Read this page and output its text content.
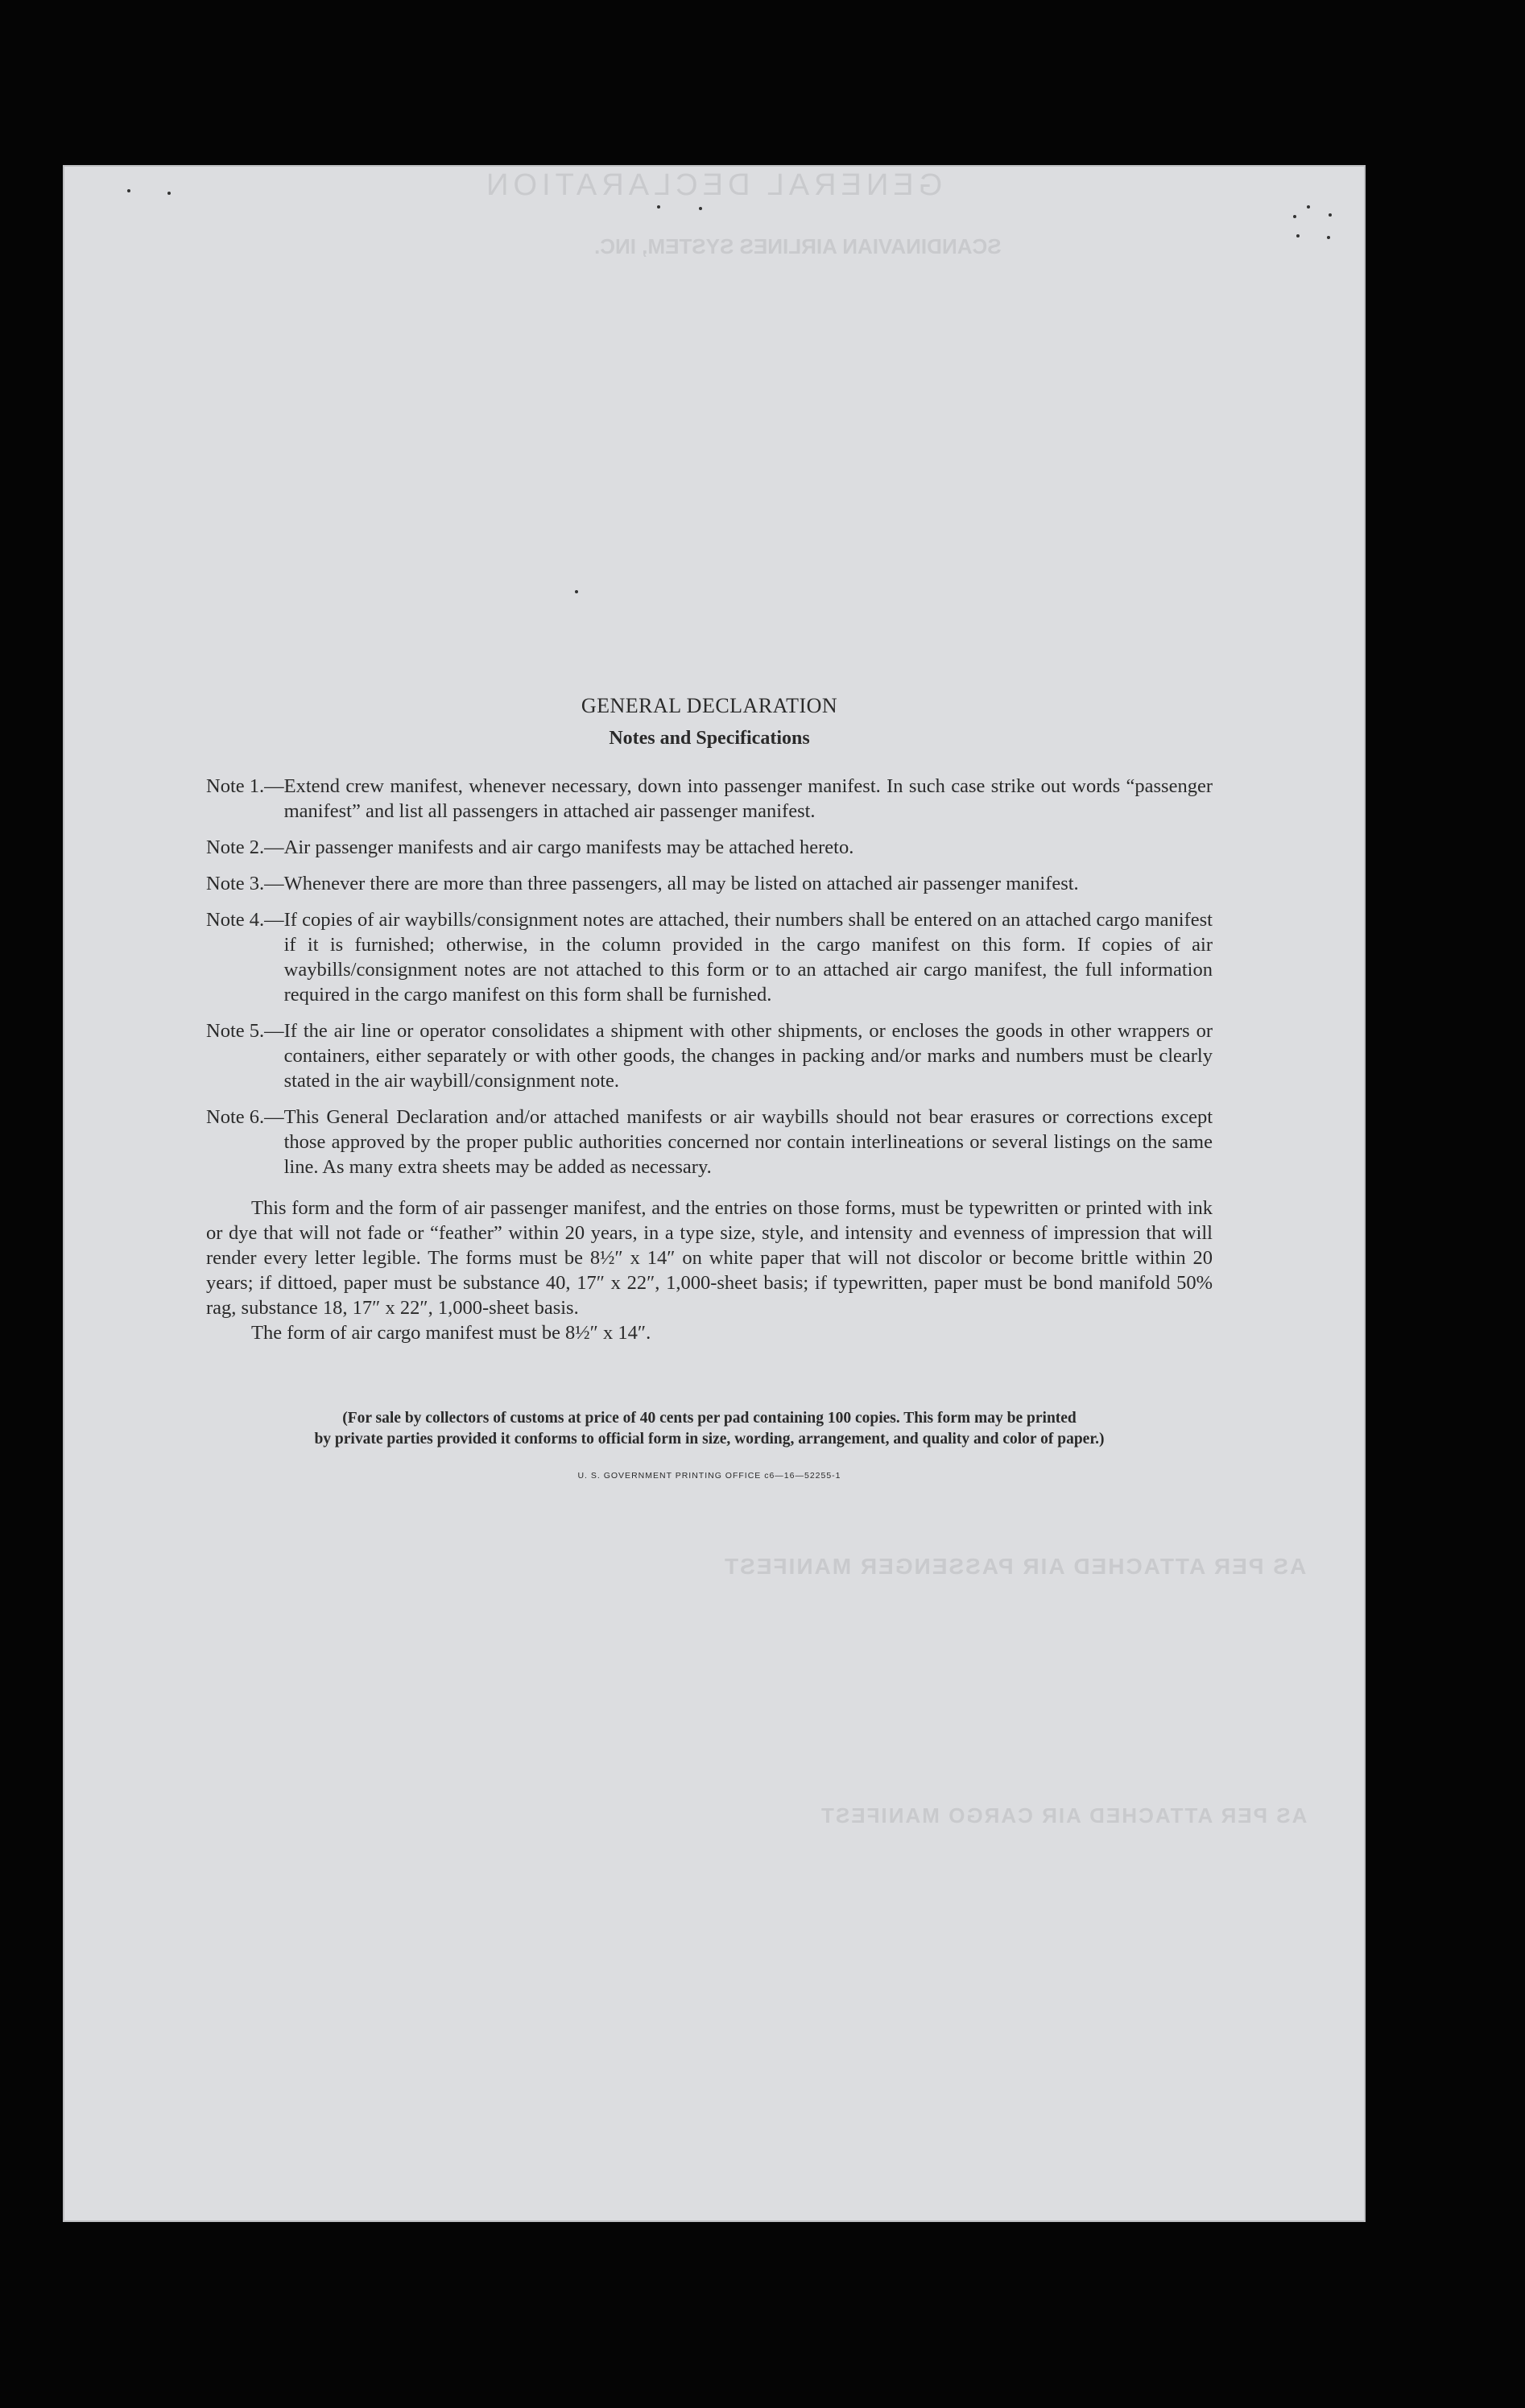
GENERAL DECLARATION
SCANDINAVIAN AIRLINES SYSTEM, INC.
AS PER ATTACHED AIR PASSENGER MANIFEST
AS PER ATTACHED AIR CARGO MANIFEST
GENERAL DECLARATION
Notes and Specifications
Note 1.— Extend crew manifest, whenever necessary, down into passenger manifest. In such case strike out words “passenger manifest” and list all passengers in attached air passenger manifest.
Note 2.— Air passenger manifests and air cargo manifests may be attached hereto.
Note 3.— Whenever there are more than three passengers, all may be listed on attached air passenger manifest.
Note 4.— If copies of air waybills/consignment notes are attached, their numbers shall be entered on an attached cargo manifest if it is furnished; otherwise, in the column provided in the cargo manifest on this form. If copies of air waybills/consignment notes are not attached to this form or to an attached air cargo manifest, the full information required in the cargo manifest on this form shall be furnished.
Note 5.— If the air line or operator consolidates a shipment with other shipments, or encloses the goods in other wrappers or containers, either separately or with other goods, the changes in packing and/or marks and numbers must be clearly stated in the air waybill/consignment note.
Note 6.— This General Declaration and/or attached manifests or air waybills should not bear erasures or corrections except those approved by the proper public authorities concerned nor contain interlineations or several listings on the same line. As many extra sheets may be added as necessary.

This form and the form of air passenger manifest, and the entries on those forms, must be typewritten or printed with ink or dye that will not fade or “feather” within 20 years, in a type size, style, and intensity and evenness of impression that will render every letter legible. The forms must be 8½″ x 14″ on white paper that will not discolor or become brittle within 20 years; if dittoed, paper must be substance 40, 17″ x 22″, 1,000-sheet basis; if typewritten, paper must be bond manifold 50% rag, substance 18, 17″ x 22″, 1,000-sheet basis.

The form of air cargo manifest must be 8½″ x 14″.

(For sale by collectors of customs at price of 40 cents per pad containing 100 copies. This form may be printed
by private parties provided it conforms to official form in size, wording, arrangement, and quality and color of paper.)
U. S. GOVERNMENT PRINTING OFFICE c6—16—52255-1
